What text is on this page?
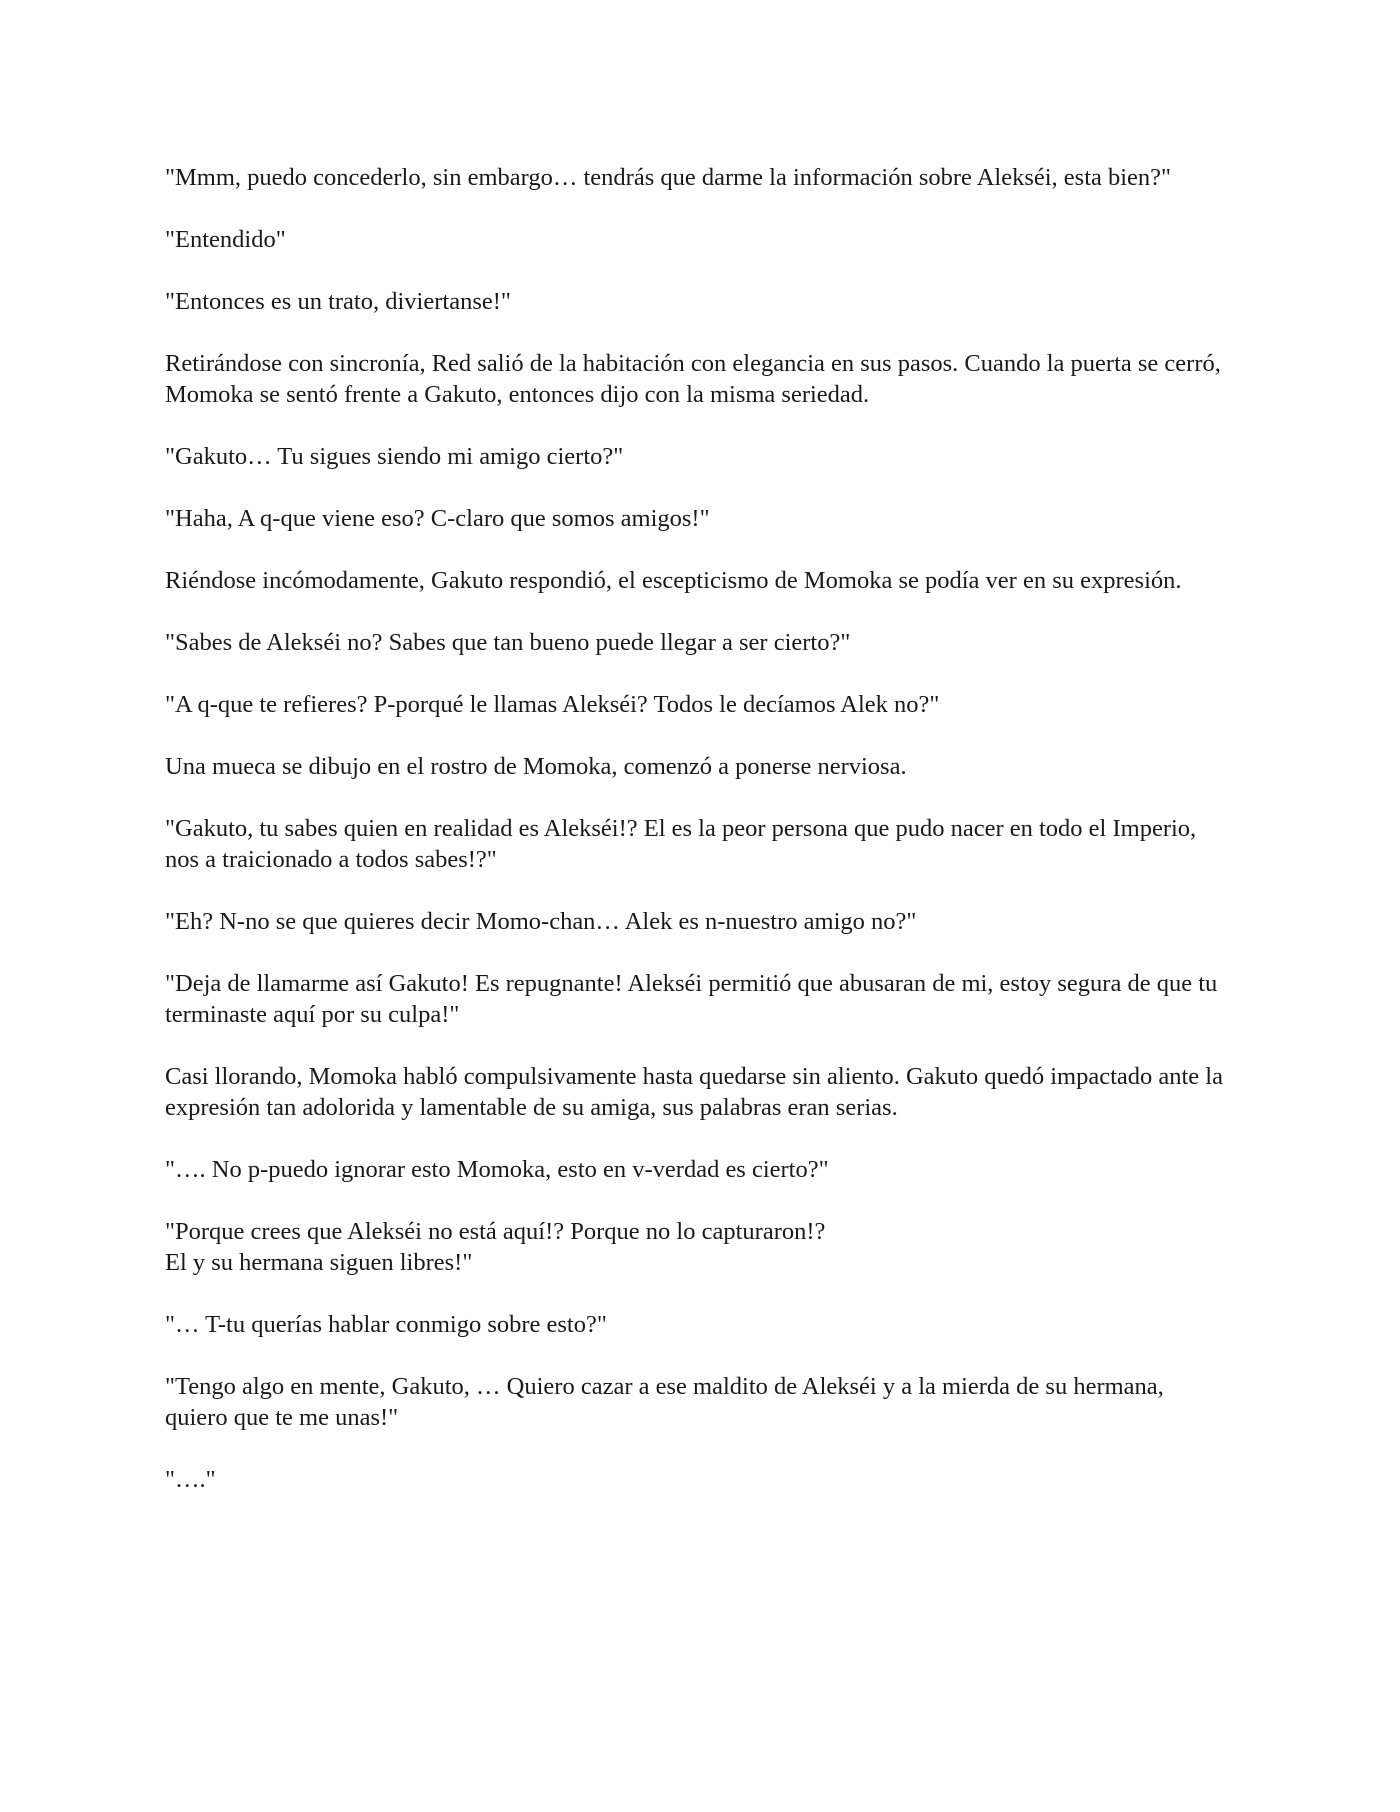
"Mmm, puedo concederlo, sin embargo… tendrás que darme la información sobre Alekséi, esta bien?"

"Entendido"

"Entonces es un trato, diviertanse!"

Retirándose con sincronía, Red salió de la habitación con elegancia en sus pasos. Cuando la puerta se cerró, Momoka se sentó frente a Gakuto, entonces dijo con la misma seriedad.

"Gakuto… Tu sigues siendo mi amigo cierto?"

"Haha, A q-que viene eso? C-claro que somos amigos!"

Riéndose incómodamente, Gakuto respondió, el escepticismo de Momoka se podía ver en su expresión.

"Sabes de Alekséi no? Sabes que tan bueno puede llegar a ser cierto?"

"A q-que te refieres? P-porqué le llamas Alekséi? Todos le decíamos Alek no?"

Una mueca se dibujo en el rostro de Momoka, comenzó a ponerse nerviosa.

"Gakuto, tu sabes quien en realidad es Alekséi!? El es la peor persona que pudo nacer en todo el Imperio, nos a traicionado a todos sabes!?"

"Eh? N-no se que quieres decir Momo-chan… Alek es n-nuestro amigo no?"

"Deja de llamarme así Gakuto! Es repugnante! Alekséi permitió que abusaran de mi, estoy segura de que tu terminaste aquí por su culpa!"

Casi llorando, Momoka habló compulsivamente hasta quedarse sin aliento. Gakuto quedó impactado ante la expresión tan adolorida y lamentable de su amiga, sus palabras eran serias.

"…. No p-puedo ignorar esto Momoka, esto en v-verdad es cierto?"

"Porque crees que Alekséi no está aquí!? Porque no lo capturaron!?
El y su hermana siguen libres!"

"… T-tu querías hablar conmigo sobre esto?"

"Tengo algo en mente, Gakuto, … Quiero cazar a ese maldito de Alekséi y a la mierda de su hermana, quiero que te me unas!"

"…."
